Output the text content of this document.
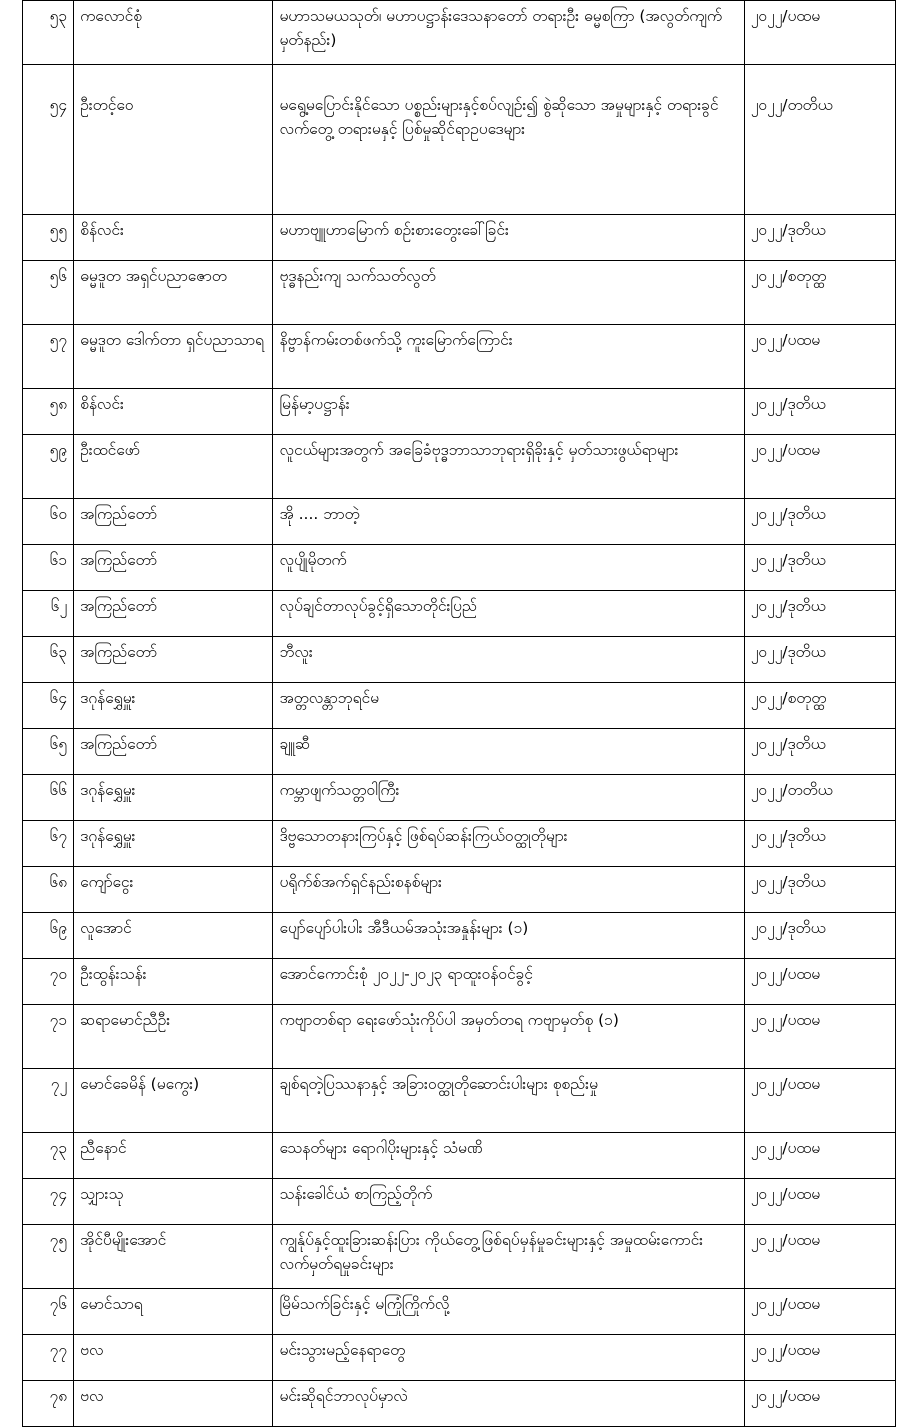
၅၃	ကလောင်စုံ	မဟာသမယသုတ်၊ မဟာပဋ္ဌာန်းဒေသနာတော် တရားဦး ဓမ္မစကြာ (အလွတ်ကျက်မှတ်နည်း)	၂၀၂၂/ပထမ
၅၄	ဦးတင့်ဝေ	မရွေ့မပြောင်းနိုင်သော ပစ္စည်းများနှင့်စပ်လျဉ်း၍ စွဲဆိုသော အမှုများနှင့် တရားခွင်လက်တွေ့ တရားမနှင့် ပြစ်မှုဆိုင်ရာဥပဒေများ	၂၀၂၂/တတိယ
၅၅	စိန်လင်း	မဟာဗျူဟာမြောက် စဉ်းစားတွေးခေါ်ခြင်း	၂၀၂၂/ဒုတိယ
၅၆	ဓမ္မဒူတ အရှင်ပညာဇောတ	ဗုဒ္ဓနည်းကျ သက်သတ်လွတ်	၂၀၂၂/စတုတ္ထ
၅၇	ဓမ္မဒူတ ဒေါက်တာ ရှင်ပညာသာရ	နိဗ္ဗာန်ကမ်းတစ်ဖက်သို့ ကူးမြောက်ကြောင်း	၂၀၂၂/ပထမ
၅၈	စိန်လင်း	မြန်မာ့ပဋ္ဌာန်း	၂၀၂၂/ဒုတိယ
၅၉	ဦးထင်ဖော်	လူငယ်များအတွက် အခြေခံဗုဒ္ဓဘာသာဘုရားရှိခိုးနှင့် မှတ်သားဖွယ်ရာများ	၂၀၂၂/ပထမ
၆၀	အကြည်တော်	အို .... ဘာတဲ့	၂၀၂၂/ဒုတိယ
၆၁	အကြည်တော်	လူပျိုမိုတက်	၂၀၂၂/ဒုတိယ
၆၂	အကြည်တော်	လုပ်ချင်တာလုပ်ခွင့်ရှိသောတိုင်းပြည်	၂၀၂၂/ဒုတိယ
၆၃	အကြည်တော်	ဘီလူး	၂၀၂၂/ဒုတိယ
၆၄	ဒဂုန်ရွှေမှူး	အတ္တလန္တာဘုရင်မ	၂၀၂၂/စတုတ္ထ
၆၅	အကြည်တော်	ချူဆီ	၂၀၂၂/ဒုတိယ
၆၆	ဒဂုန်ရွှေမှူး	ကမ္ဘာဖျက်သတ္တဝါကြီး	၂၀၂၂/တတိယ
၆၇	ဒဂုန်ရွှေမှူး	ဒိဗ္ဗသောတနားကြပ်နှင့် ဖြစ်ရပ်ဆန်းကြယ်ဝတ္ထုတိုများ	၂၀၂၂/ဒုတိယ
၆၈	ကျော်ငွေး	ပရိုက်စ်အက်ရှင်နည်းစနစ်များ	၂၀၂၂/ဒုတိယ
၆၉	လူအောင်	ပျော်ပျော်ပါးပါး အီဒီယမ်အသုံးအနှုန်းများ (၁)	၂၀၂၂/ဒုတိယ
၇၀	ဦးထွန်းသန်း	အောင်ကောင်းစုံ ၂၀၂၂-၂၀၂၃ ရာထူးဝန်ဝင်ခွင့်	၂၀၂၂/ပထမ
၇၁	ဆရာမောင်ညီဦး	ကဗျာတစ်ရာ ရေးဖော်သုံးကိုပ်ပါ အမှတ်တရ ကဗျာမှတ်စု (၁)	၂၀၂၂/ပထမ
၇၂	မောင်ခေမိန် (မကွေး)	ချစ်ရတဲ့ပြဿနာနှင့် အခြားဝတ္ထုတိုဆောင်းပါးများ စုစည်းမှု	၂၀၂၂/ပထမ
၇၃	ညီနောင်	သေနတ်များ ရောဂါပိုးများနှင့် သံမဏိ	၂၀၂၂/ပထမ
၇၄	သျှားသု	သန်းခေါင်ယံ စာကြည့်တိုက်	၂၀၂၂/ပထမ
၇၅	အိုင်ပီမျိုးအောင်	ကျွန်ုပ်နှင့်ထူးခြားဆန်းပြား ကိုယ်တွေ့ဖြစ်ရပ်မှန်မှုခင်းများနှင့် အမှုထမ်းကောင်းလက်မှတ်ရမှုခင်းများ	၂၀၂၂/ပထမ
၇၆	မောင်သာရ	မြိမ်သက်ခြင်းနှင့် မကြုံကြိုက်လို့	၂၀၂၂/ပထမ
၇၇	ဗလ	မင်းသွားမည့်နေရာတွေ	၂၀၂၂/ပထမ
၇၈	ဗလ	မင်းဆိုရင်ဘာလုပ်မှာလဲ	၂၀၂၂/ပထမ
